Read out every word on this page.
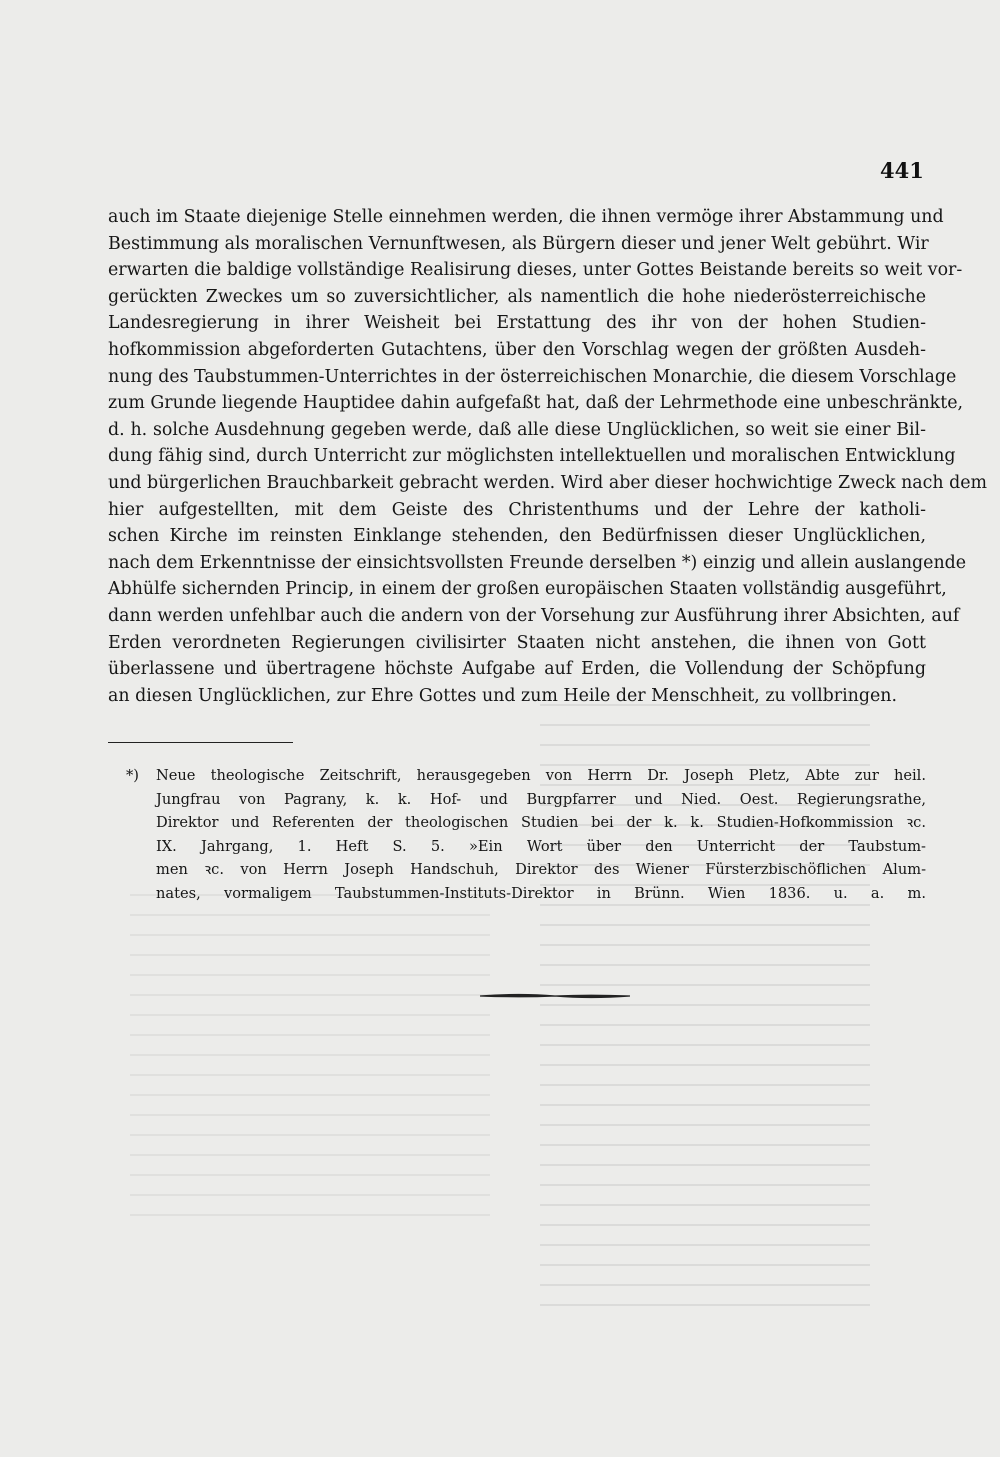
441
auch im Staate diejenige Stelle einnehmen werden, die ihnen vermöge ihrer Abstammung und
Bestimmung als moralischen Vernunftwesen, als Bürgern dieser und jener Welt gebührt. Wir
erwarten die baldige vollständige Realisirung dieses, unter Gottes Beistande bereits so weit vor-
gerückten Zweckes um so zuversichtlicher, als namentlich die hohe niederösterreichische
Landesregierung in ihrer Weisheit bei Erstattung des ihr von der hohen Studien-
hofkommission abgeforderten Gutachtens, über den Vorschlag wegen der größten Ausdeh-
nung des Taubstummen-Unterrichtes in der österreichischen Monarchie, die diesem Vorschlage
zum Grunde liegende Hauptidee dahin aufgefaßt hat, daß der Lehrmethode eine unbeschränkte,
d. h. solche Ausdehnung gegeben werde, daß alle diese Unglücklichen, so weit sie einer Bil-
dung fähig sind, durch Unterricht zur möglichsten intellektuellen und moralischen Entwicklung
und bürgerlichen Brauchbarkeit gebracht werden. Wird aber dieser hochwichtige Zweck nach dem
hier aufgestellten, mit dem Geiste des Christenthums und der Lehre der katholi-
schen Kirche im reinsten Einklange stehenden, den Bedürfnissen dieser Unglücklichen,
nach dem Erkenntnisse der einsichtsvollsten Freunde derselben *) einzig und allein auslangende
Abhülfe sichernden Princip, in einem der großen europäischen Staaten vollständig ausgeführt,
dann werden unfehlbar auch die andern von der Vorsehung zur Ausführung ihrer Absichten, auf
Erden verordneten Regierungen civilisirter Staaten nicht anstehen, die ihnen von Gott
überlassene und übertragene höchste Aufgabe auf Erden, die Vollendung der Schöpfung
an diesen Unglücklichen, zur Ehre Gottes und zum Heile der Menschheit, zu vollbringen.
*) Neue theologische Zeitschrift, herausgegeben von Herrn Dr. Joseph Pletz, Abte zur heil.
Jungfrau von Pagrany, k. k. Hof- und Burgpfarrer und Nied. Oest. Regierungsrathe,
Direktor und Referenten der theologischen Studien bei der k. k. Studien-Hofkommission ꝛc.
IX. Jahrgang, 1. Heft S. 5. »Ein Wort über den Unterricht der Taubstum-
men ꝛc. von Herrn Joseph Handschuh, Direktor des Wiener Fürsterzbischöflichen Alum-
nates, vormaligem Taubstummen-Instituts-Direktor in Brünn. Wien 1836. u. a. m.
